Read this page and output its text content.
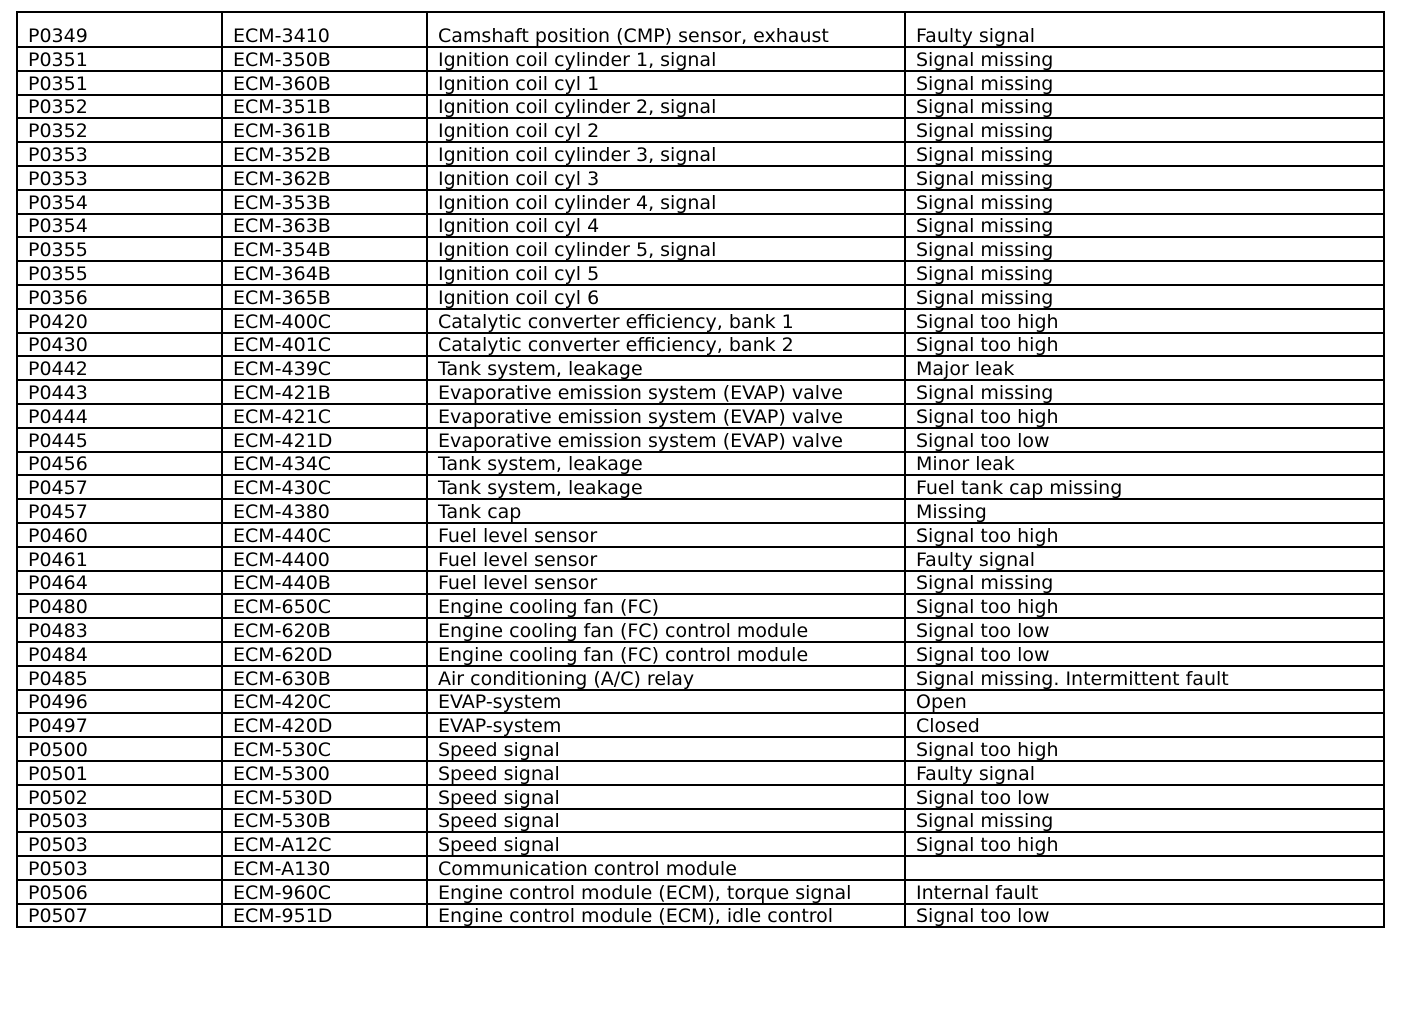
P0349	ECM-3410	Camshaft position (CMP) sensor, exhaust	Faulty signal
P0351	ECM-350B	Ignition coil cylinder 1, signal	Signal missing
P0351	ECM-360B	Ignition coil cyl 1	Signal missing
P0352	ECM-351B	Ignition coil cylinder 2, signal	Signal missing
P0352	ECM-361B	Ignition coil cyl 2	Signal missing
P0353	ECM-352B	Ignition coil cylinder 3, signal	Signal missing
P0353	ECM-362B	Ignition coil cyl 3	Signal missing
P0354	ECM-353B	Ignition coil cylinder 4, signal	Signal missing
P0354	ECM-363B	Ignition coil cyl 4	Signal missing
P0355	ECM-354B	Ignition coil cylinder 5, signal	Signal missing
P0355	ECM-364B	Ignition coil cyl 5	Signal missing
P0356	ECM-365B	Ignition coil cyl 6	Signal missing
P0420	ECM-400C	Catalytic converter efficiency, bank 1	Signal too high
P0430	ECM-401C	Catalytic converter efficiency, bank 2	Signal too high
P0442	ECM-439C	Tank system, leakage	Major leak
P0443	ECM-421B	Evaporative emission system (EVAP) valve	Signal missing
P0444	ECM-421C	Evaporative emission system (EVAP) valve	Signal too high
P0445	ECM-421D	Evaporative emission system (EVAP) valve	Signal too low
P0456	ECM-434C	Tank system, leakage	Minor leak
P0457	ECM-430C	Tank system, leakage	Fuel tank cap missing
P0457	ECM-4380	Tank cap	Missing
P0460	ECM-440C	Fuel level sensor	Signal too high
P0461	ECM-4400	Fuel level sensor	Faulty signal
P0464	ECM-440B	Fuel level sensor	Signal missing
P0480	ECM-650C	Engine cooling fan (FC)	Signal too high
P0483	ECM-620B	Engine cooling fan (FC) control module	Signal too low
P0484	ECM-620D	Engine cooling fan (FC) control module	Signal too low
P0485	ECM-630B	Air conditioning (A/C) relay	Signal missing. Intermittent fault
P0496	ECM-420C	EVAP-system	Open
P0497	ECM-420D	EVAP-system	Closed
P0500	ECM-530C	Speed signal	Signal too high
P0501	ECM-5300	Speed signal	Faulty signal
P0502	ECM-530D	Speed signal	Signal too low
P0503	ECM-530B	Speed signal	Signal missing
P0503	ECM-A12C	Speed signal	Signal too high
P0503	ECM-A130	Communication control module	
P0506	ECM-960C	Engine control module (ECM), torque signal	Internal fault
P0507	ECM-951D	Engine control module (ECM), idle control	Signal too low
